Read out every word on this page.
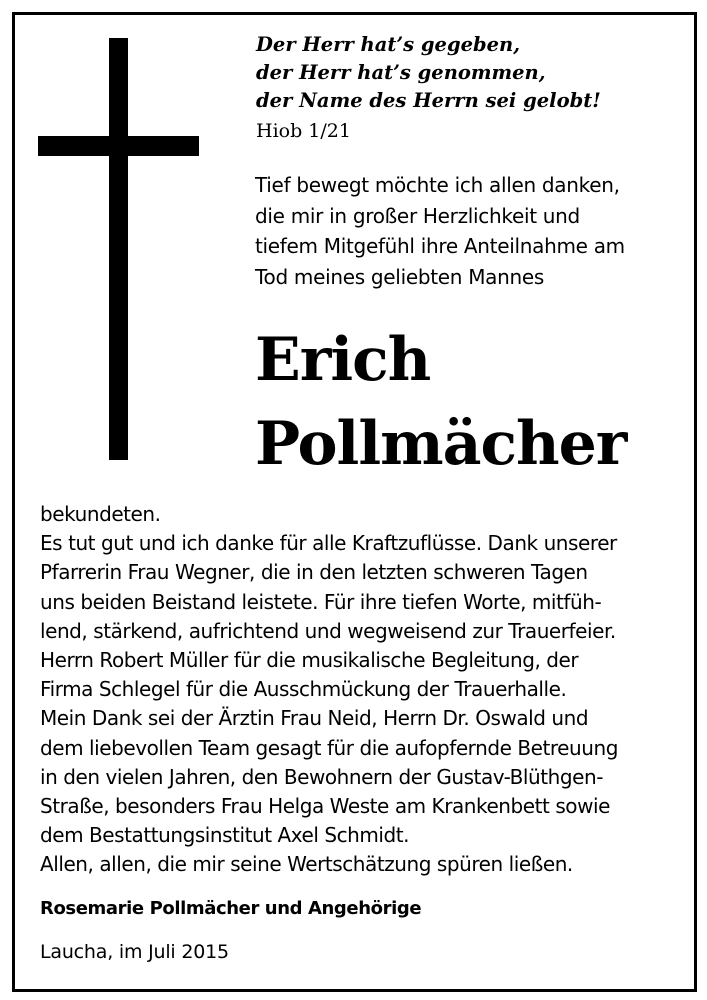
Der Herr hat’s gegeben,
der Herr hat’s genommen,
der Name des Herrn sei gelobt!
Hiob 1/21
Tief bewegt möchte ich allen danken,
die mir in großer Herzlichkeit und
tiefem Mitgefühl ihre Anteilnahme am
Tod meines geliebten Mannes
Erich
Pollmächer
bekundeten.
Es tut gut und ich danke für alle Kraftzuflüsse. Dank unserer
Pfarrerin Frau Wegner, die in den letzten schweren Tagen
uns beiden Beistand leistete. Für ihre tiefen Worte, mitfüh-
lend, stärkend, aufrichtend und wegweisend zur Trauerfeier.
Herrn Robert Müller für die musikalische Begleitung, der
Firma Schlegel für die Ausschmückung der Trauerhalle.
Mein Dank sei der Ärztin Frau Neid, Herrn Dr. Oswald und
dem liebevollen Team gesagt für die aufopfernde Betreuung
in den vielen Jahren, den Bewohnern der Gustav-Blüthgen-
Straße, besonders Frau Helga Weste am Krankenbett sowie
dem Bestattungsinstitut Axel Schmidt.
Allen, allen, die mir seine Wertschätzung spüren ließen.
Rosemarie Pollmächer und Angehörige
Laucha, im Juli 2015
